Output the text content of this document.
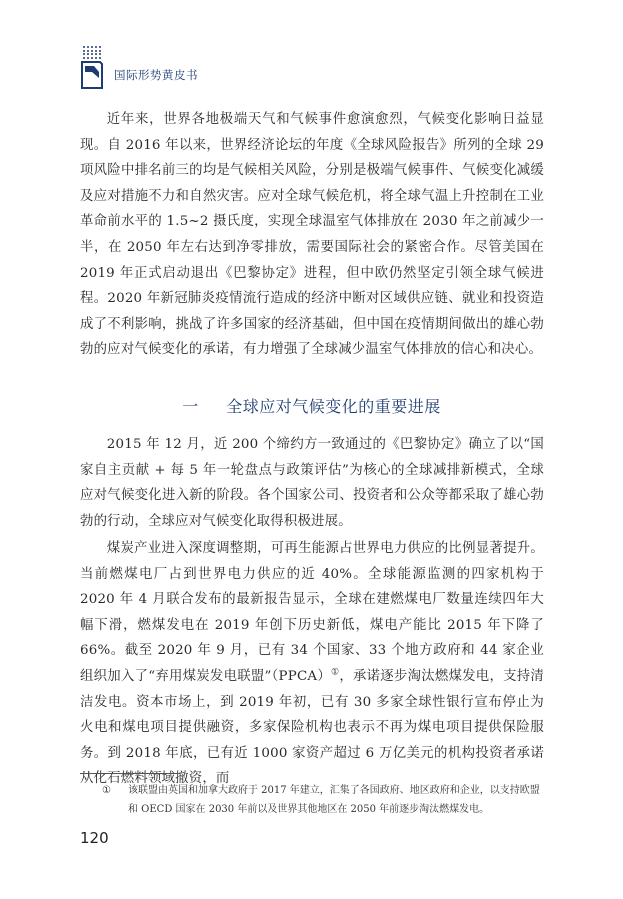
国际形势黄皮书

近年来，世界各地极端天气和气候事件愈演愈烈，气候变化影响日益显现。自 2016 年以来，世界经济论坛的年度《全球风险报告》所列的全球 29 项风险中排名前三的均是气候相关风险，分别是极端气候事件、气候变化减缓及应对措施不力和自然灾害。应对全球气候危机，将全球气温上升控制在工业革命前水平的 1.5~2 摄氏度，实现全球温室气体排放在 2030 年之前减少一半，在 2050 年左右达到净零排放，需要国际社会的紧密合作。尽管美国在 2019 年正式启动退出《巴黎协定》进程，但中欧仍然坚定引领全球气候进程。2020 年新冠肺炎疫情流行造成的经济中断对区域供应链、就业和投资造成了不利影响，挑战了许多国家的经济基础，但中国在疫情期间做出的雄心勃勃的应对气候变化的承诺，有力增强了全球减少温室气体排放的信心和决心。

一 全球应对气候变化的重要进展

2015 年 12 月，近 200 个缔约方一致通过的《巴黎协定》确立了以“国家自主贡献 + 每 5 年一轮盘点与政策评估”为核心的全球减排新模式，全球应对气候变化进入新的阶段。各个国家公司、投资者和公众等都采取了雄心勃勃的行动，全球应对气候变化取得积极进展。

煤炭产业进入深度调整期，可再生能源占世界电力供应的比例显著提升。当前燃煤电厂占到世界电力供应的近 40%。全球能源监测的四家机构于 2020 年 4 月联合发布的最新报告显示，全球在建燃煤电厂数量连续四年大幅下滑，燃煤发电在 2019 年创下历史新低，煤电产能比 2015 年下降了 66%。截至 2020 年 9 月，已有 34 个国家、33 个地方政府和 44 家企业组织加入了“弃用煤炭发电联盟”（PPCA）①，承诺逐步淘汰燃煤发电，支持清洁发电。资本市场上，到 2019 年初，已有 30 多家全球性银行宣布停止为火电和煤电项目提供融资，多家保险机构也表示不再为煤电项目提供保险服务。到 2018 年底，已有近 1000 家资产超过 6 万亿美元的机构投资者承诺从化石燃料领域撤资，而

①	该联盟由英国和加拿大政府于 2017 年建立，汇集了各国政府、地区政府和企业，以支持欧盟和 OECD 国家在 2030 年前以及世界其他地区在 2050 年前逐步淘汰燃煤发电。
120
